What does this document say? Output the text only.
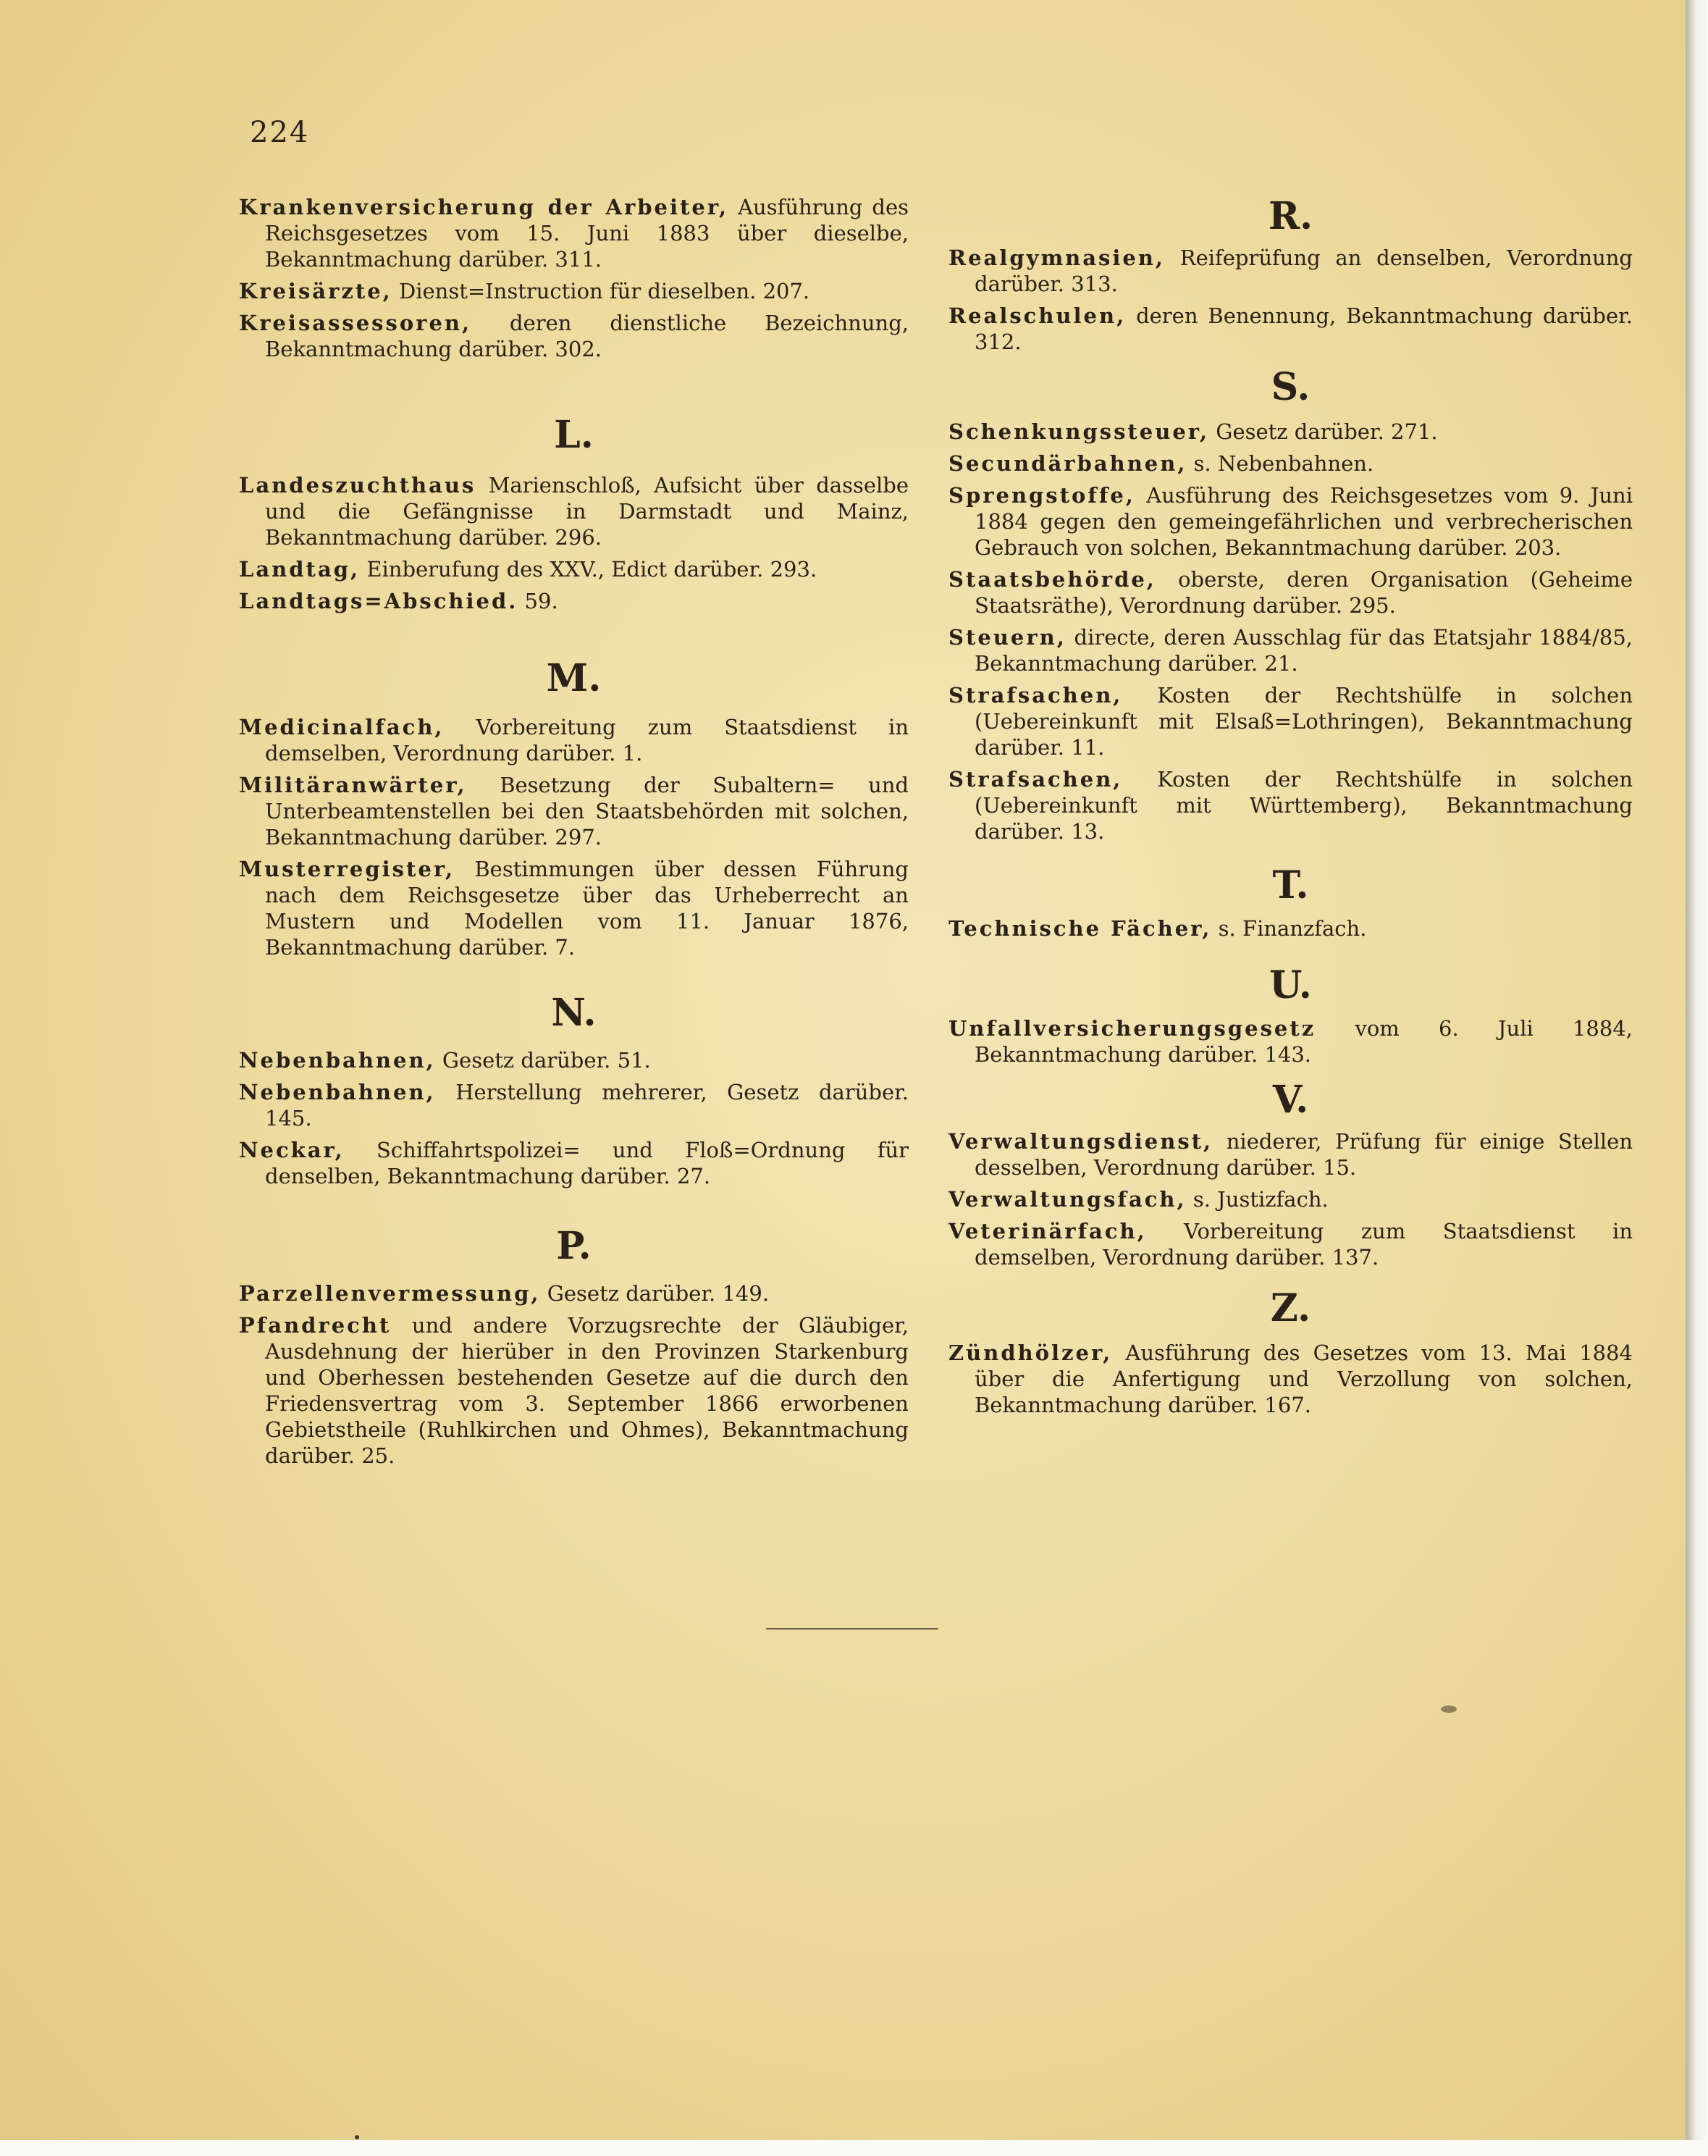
224
Krankenversicherung der Arbeiter, Ausführung des Reichsgesetzes vom 15. Juni 1883 über dieselbe, Bekanntmachung darüber. 311.
Kreisärzte, Dienst=Instruction für dieselben. 207.
Kreisassessoren, deren dienstliche Bezeichnung, Bekanntmachung darüber. 302.
L.
Landeszuchthaus Marienschloß, Aufsicht über dasselbe und die Gefängnisse in Darmstadt und Mainz, Bekanntmachung darüber. 296.
Landtag, Einberufung des XXV., Edict darüber. 293.
Landtags=Abschied. 59.
M.
Medicinalfach, Vorbereitung zum Staatsdienst in demselben, Verordnung darüber. 1.
Militäranwärter, Besetzung der Subaltern= und Unterbeamtenstellen bei den Staatsbehörden mit solchen, Bekanntmachung darüber. 297.
Musterregister, Bestimmungen über dessen Führung nach dem Reichsgesetze über das Urheberrecht an Mustern und Modellen vom 11. Januar 1876, Bekanntmachung darüber. 7.
N.
Nebenbahnen, Gesetz darüber. 51.
Nebenbahnen, Herstellung mehrerer, Gesetz darüber. 145.
Neckar, Schiffahrtspolizei= und Floß=Ordnung für denselben, Bekanntmachung darüber. 27.
P.
Parzellenvermessung, Gesetz darüber. 149.
Pfandrecht und andere Vorzugsrechte der Gläubiger, Ausdehnung der hierüber in den Provinzen Starkenburg und Oberhessen bestehenden Gesetze auf die durch den Friedensvertrag vom 3. September 1866 erworbenen Gebietstheile (Ruhlkirchen und Ohmes), Bekanntmachung darüber. 25.
R.
Realgymnasien, Reifeprüfung an denselben, Verordnung darüber. 313.
Realschulen, deren Benennung, Bekanntmachung darüber. 312.
S.
Schenkungssteuer, Gesetz darüber. 271.
Secundärbahnen, s. Nebenbahnen.
Sprengstoffe, Ausführung des Reichsgesetzes vom 9. Juni 1884 gegen den gemeingefährlichen und verbrecherischen Gebrauch von solchen, Bekanntmachung darüber. 203.
Staatsbehörde, oberste, deren Organisation (Geheime Staatsräthe), Verordnung darüber. 295.
Steuern, directe, deren Ausschlag für das Etatsjahr 1884/85, Bekanntmachung darüber. 21.
Strafsachen, Kosten der Rechtshülfe in solchen (Uebereinkunft mit Elsaß=Lothringen), Bekanntmachung darüber. 11.
Strafsachen, Kosten der Rechtshülfe in solchen (Uebereinkunft mit Württemberg), Bekanntmachung darüber. 13.
T.
Technische Fächer, s. Finanzfach.
U.
Unfallversicherungsgesetz vom 6. Juli 1884, Bekanntmachung darüber. 143.
V.
Verwaltungsdienst, niederer, Prüfung für einige Stellen desselben, Verordnung darüber. 15.
Verwaltungsfach, s. Justizfach.
Veterinärfach, Vorbereitung zum Staatsdienst in demselben, Verordnung darüber. 137.
Z.
Zündhölzer, Ausführung des Gesetzes vom 13. Mai 1884 über die Anfertigung und Verzollung von solchen, Bekanntmachung darüber. 167.
